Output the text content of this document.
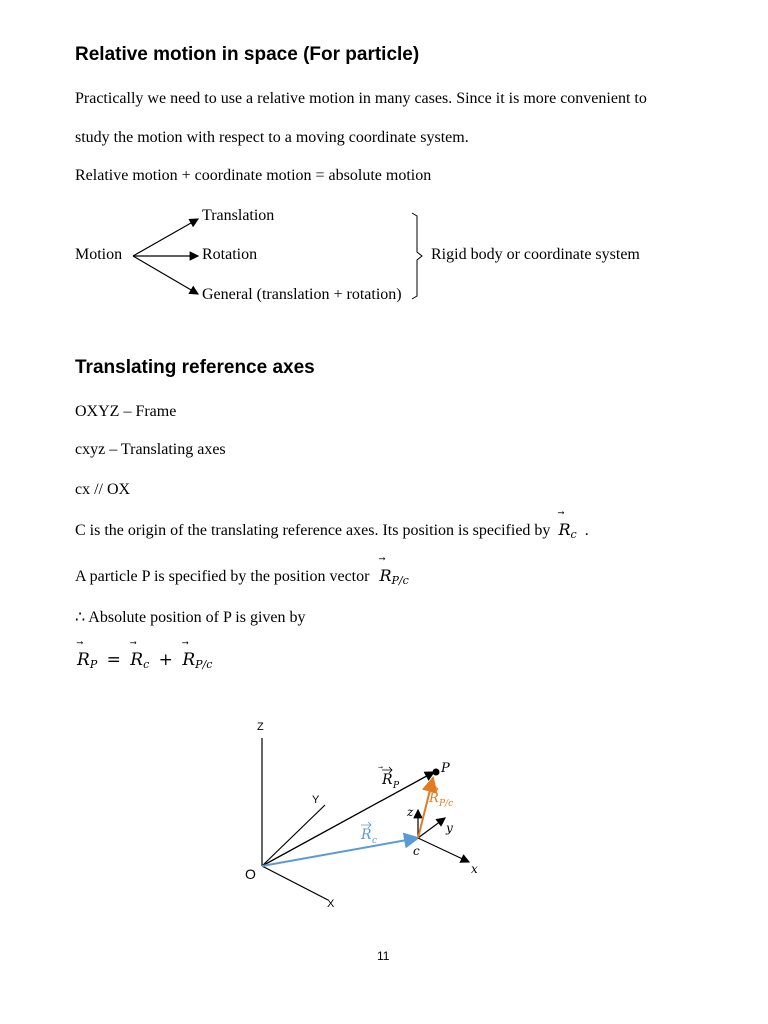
Relative motion in space (For particle)

Practically we need to use a relative motion in many cases. Since it is more convenient to

study the motion with respect to a moving coordinate system.

Relative motion + coordinate motion = absolute motion

Motion

Translation

Rotation

General (translation + rotation)

Rigid body or coordinate system

Translating reference axes

OXYZ – Frame

cxyz – Translating axes

cx // OX

C is the origin of the translating reference axes. Its position is specified by ⃗ $R_c$ .
A particle P is specified by the position vector ⃗ $R_{P/c}$

∴ Absolute position of P is given by

⃗ $R_P$ = ⃗ $R_c$ + ⃗ $R_{P/c}$
Z
Y
X
O
P
z
y
x
c
R P
R c
R P/c
11
